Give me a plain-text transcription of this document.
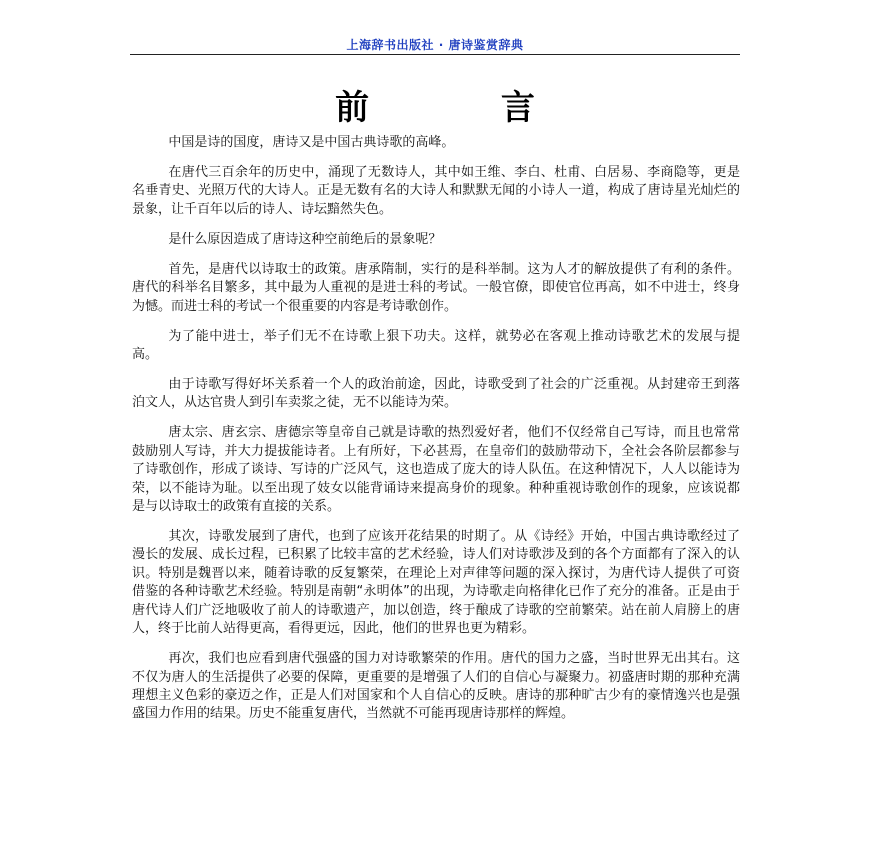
上海辞书出版社 · 唐诗鉴赏辞典
前 言

中国是诗的国度，唐诗又是中国古典诗歌的高峰。

在唐代三百余年的历史中，涌现了无数诗人，其中如王维、李白、杜甫、白居易、李商隐等，更是名垂青史、光照万代的大诗人。正是无数有名的大诗人和默默无闻的小诗人一道，构成了唐诗星光灿烂的景象，让千百年以后的诗人、诗坛黯然失色。

是什么原因造成了唐诗这种空前绝后的景象呢？

首先，是唐代以诗取士的政策。唐承隋制，实行的是科举制。这为人才的解放提供了有利的条件。唐代的科举名目繁多，其中最为人重视的是进士科的考试。一般官僚，即使官位再高，如不中进士，终身为憾。而进士科的考试一个很重要的内容是考诗歌创作。

为了能中进士，举子们无不在诗歌上狠下功夫。这样，就势必在客观上推动诗歌艺术的发展与提高。

由于诗歌写得好坏关系着一个人的政治前途，因此，诗歌受到了社会的广泛重视。从封建帝王到落泊文人，从达官贵人到引车卖浆之徒，无不以能诗为荣。

唐太宗、唐玄宗、唐德宗等皇帝自己就是诗歌的热烈爱好者，他们不仅经常自己写诗，而且也常常鼓励别人写诗，并大力提拔能诗者。上有所好，下必甚焉，在皇帝们的鼓励带动下，全社会各阶层都参与了诗歌创作，形成了谈诗、写诗的广泛风气，这也造成了庞大的诗人队伍。在这种情况下，人人以能诗为荣，以不能诗为耻。以至出现了妓女以能背诵诗来提高身价的现象。种种重视诗歌创作的现象，应该说都是与以诗取士的政策有直接的关系。

其次，诗歌发展到了唐代，也到了应该开花结果的时期了。从《诗经》开始，中国古典诗歌经过了漫长的发展、成长过程，已积累了比较丰富的艺术经验，诗人们对诗歌涉及到的各个方面都有了深入的认识。特别是魏晋以来，随着诗歌的反复繁荣，在理论上对声律等问题的深入探讨，为唐代诗人提供了可资借鉴的各种诗歌艺术经验。特别是南朝“永明体”的出现，为诗歌走向格律化已作了充分的准备。正是由于唐代诗人们广泛地吸收了前人的诗歌遗产，加以创造，终于酿成了诗歌的空前繁荣。站在前人肩膀上的唐人，终于比前人站得更高，看得更远，因此，他们的世界也更为精彩。

再次，我们也应看到唐代强盛的国力对诗歌繁荣的作用。唐代的国力之盛，当时世界无出其右。这不仅为唐人的生活提供了必要的保障，更重要的是增强了人们的自信心与凝聚力。初盛唐时期的那种充满理想主义色彩的豪迈之作，正是人们对国家和个人自信心的反映。唐诗的那种旷古少有的豪情逸兴也是强盛国力作用的结果。历史不能重复唐代，当然就不可能再现唐诗那样的辉煌。
